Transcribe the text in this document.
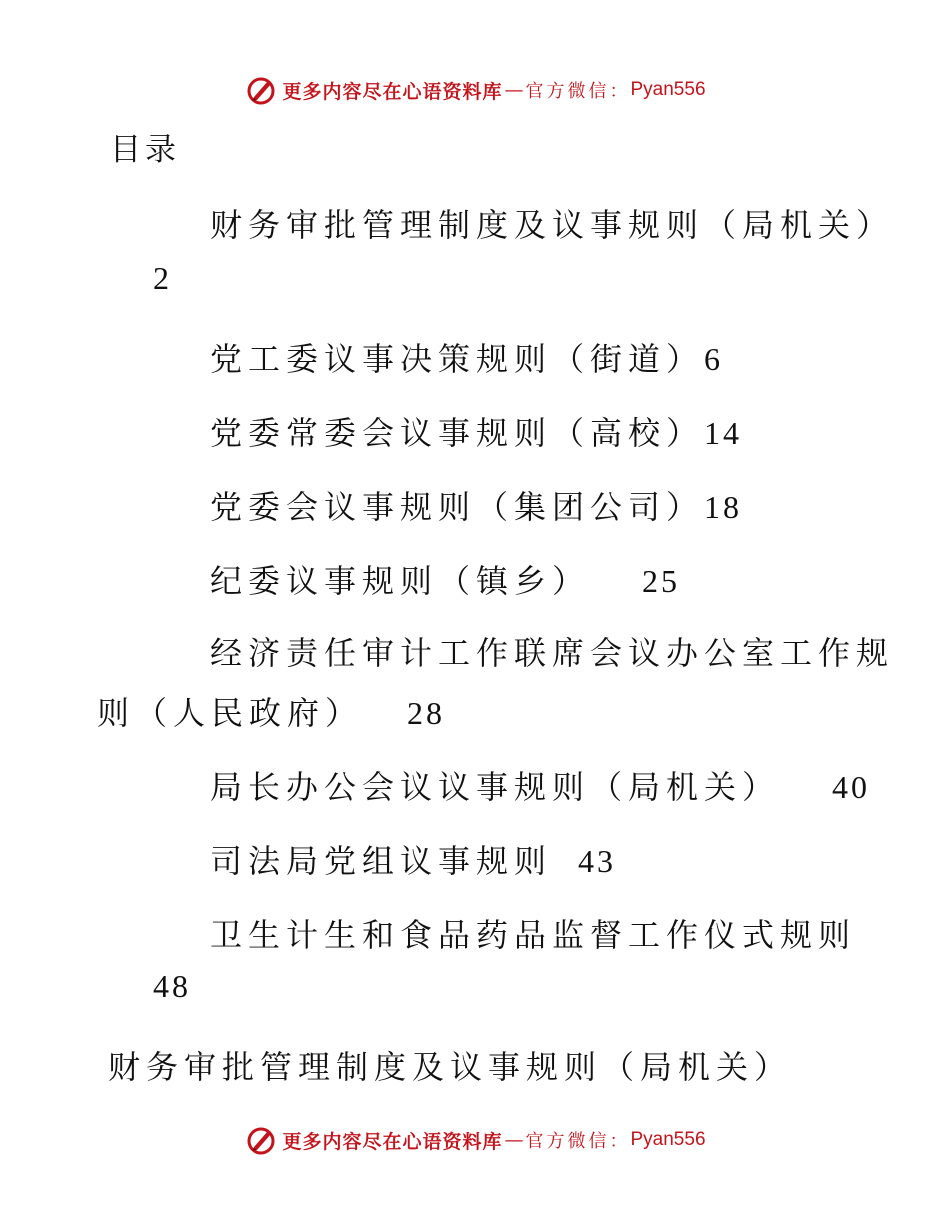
更多内容尽在心语资料库 — 官方微信： Pyan556
目录
财务审批管理制度及议事规则（局机关）
2
党工委议事决策规则（街道）6
党委常委会议事规则（高校）14
党委会议事规则（集团公司）18
纪委议事规则（镇乡） 25
经济责任审计工作联席会议办公室工作规
则（人民政府） 28
局长办公会议议事规则（局机关） 40
司法局党组议事规则 43
卫生计生和食品药品监督工作仪式规则
48
财务审批管理制度及议事规则（局机关）
更多内容尽在心语资料库 — 官方微信： Pyan556
